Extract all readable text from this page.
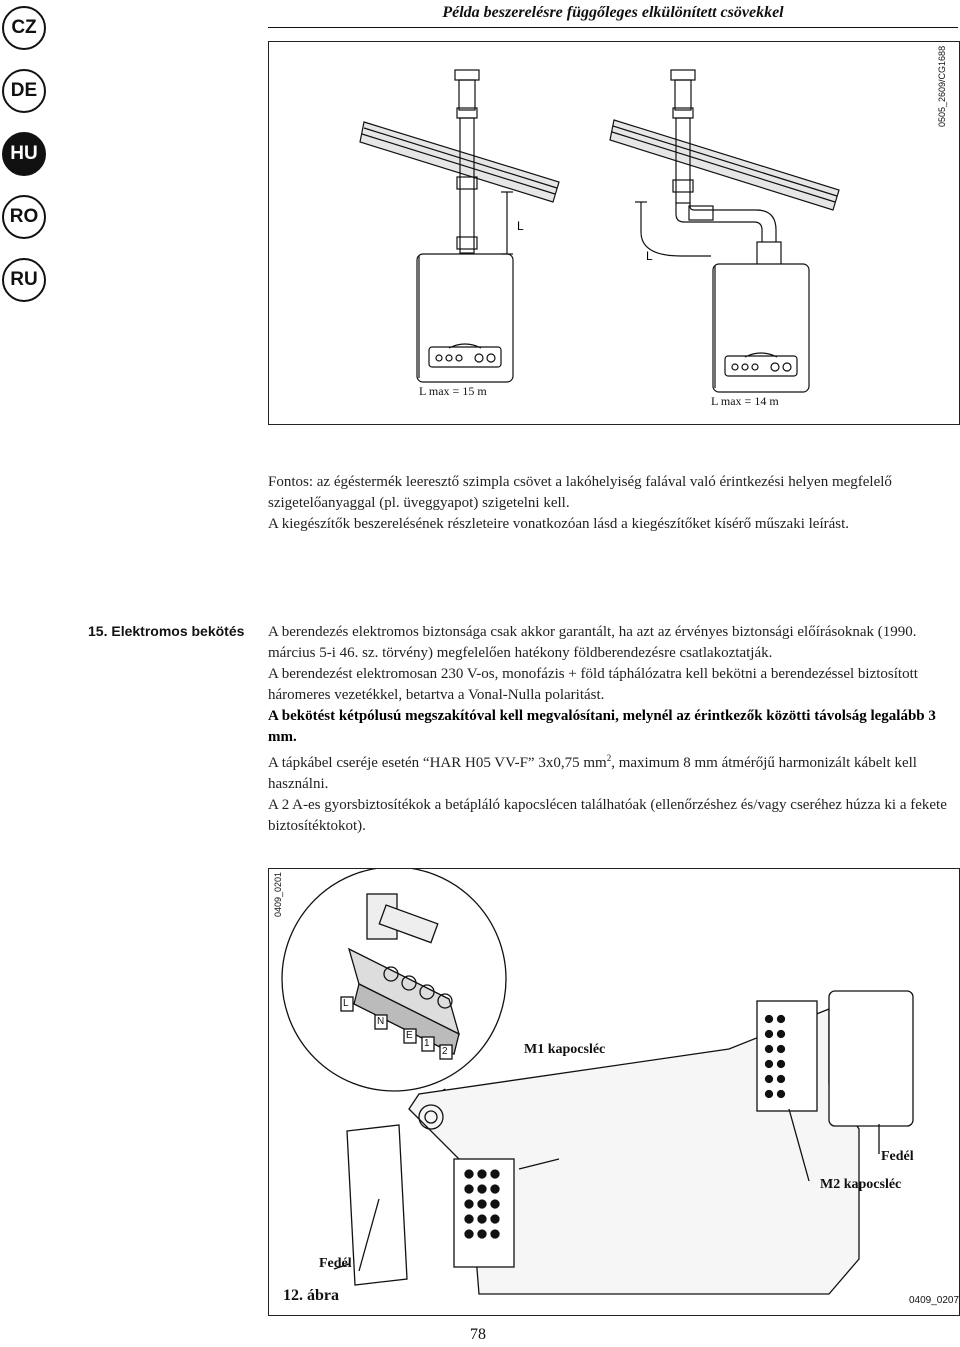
CZ
DE
HU
RO
RU
Példa beszerelésre függőleges elkülönített csövekkel
L
L
L max = 15 m
L max = 14 m
0505_2609/CG1688

Fontos: az égéstermék leeresztő szimpla csövet a lakóhelyiség falával való érintkezési helyen megfelelő szigetelőanyaggal (pl. üveggyapot) szigetelni kell.

A kiegészítők beszerelésének részleteire vonatkozóan lásd a kiegészítőket kísérő műszaki leírást.

15. Elektromos bekötés	A berendezés elektromos biztonsága csak akkor garantált, ha azt az érvényes biztonsági előírásoknak (1990. március 5-i 46. sz. törvény) megfelelően hatékony földberendezésre csatlakoztatják.

A berendezést elektromosan 230 V-os, monofázis + föld táphálózatra kell bekötni a berendezéssel biztosított háromeres vezetékkel, betartva a Vonal-Nulla polaritást.

A bekötést kétpólusú megszakítóval kell megvalósítani, melynél az érintkezők közötti távolság legalább 3 mm.

A tápkábel cseréje esetén “HAR H05 VV-F” 3x0,75 $mm^2$, maximum 8 mm átmérőjű harmonizált kábelt kell használni.

A 2 A-es gyorsbiztosítékok a betápláló kapocslécen találhatóak (ellenőrzéshez és/vagy cseréhez húzza ki a fekete biztosítéktokot).

0409_0201
M1 kapocsléc
Fedél
M2 kapocsléc
Fedél
12. ábra	0409_0207
L
N
E
1
2
78
